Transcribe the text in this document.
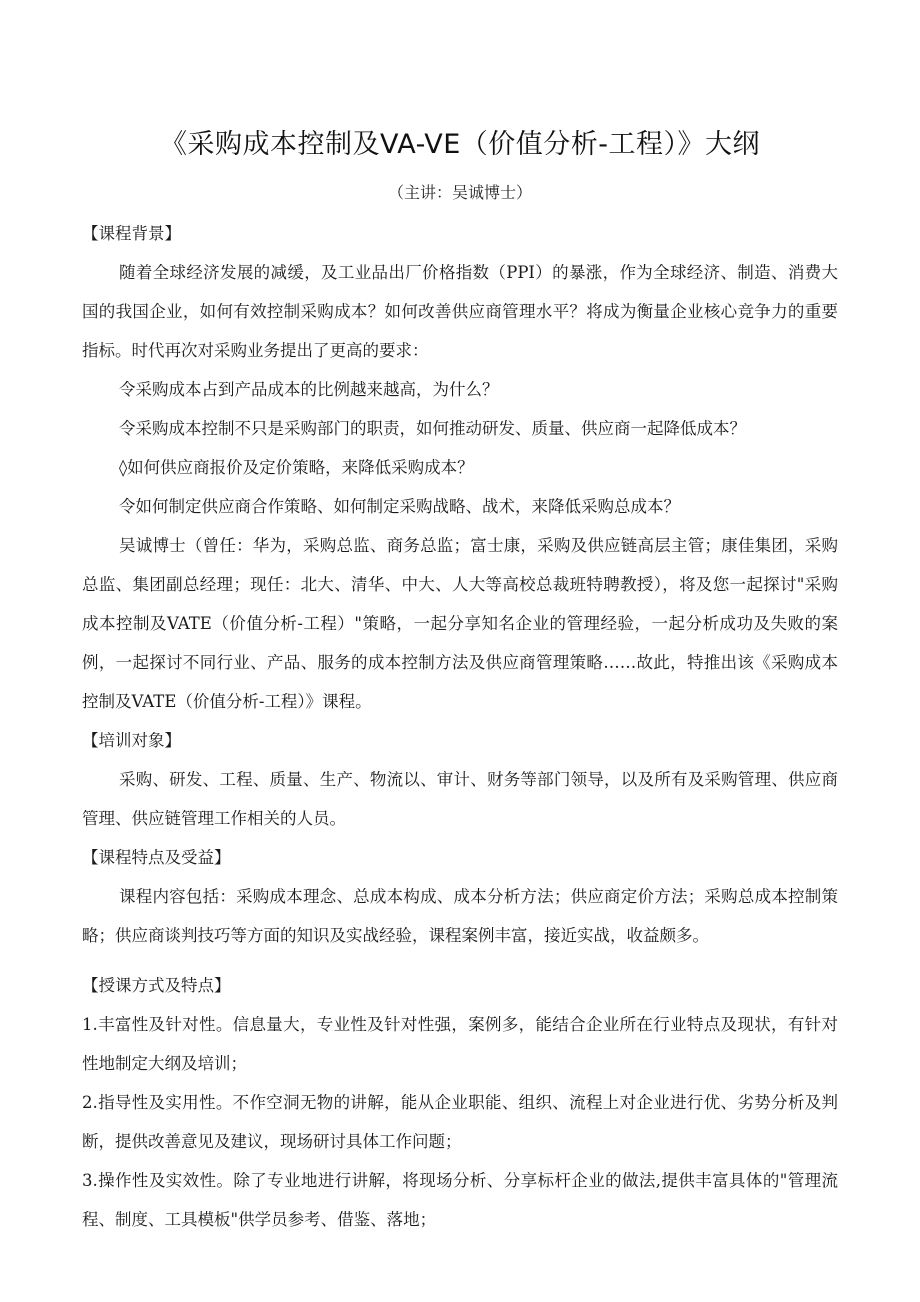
《采购成本控制及VA-VE（价值分析-工程）》大纲
（主讲：吴诚博士）
【课程背景】

随着全球经济发展的减缓，及工业品出厂价格指数（PPI）的暴涨，作为全球经济、制造、消费大国的我国企业，如何有效控制采购成本？如何改善供应商管理水平？将成为衡量企业核心竞争力的重要指标。时代再次对采购业务提出了更高的要求：

令采购成本占到产品成本的比例越来越高，为什么？

令采购成本控制不只是采购部门的职责，如何推动研发、质量、供应商一起降低成本？

◊如何供应商报价及定价策略，来降低采购成本？

令如何制定供应商合作策略、如何制定采购战略、战术，来降低采购总成本？

吴诚博士（曾任：华为，采购总监、商务总监；富士康，采购及供应链高层主管；康佳集团，采购总监、集团副总经理；现任：北大、清华、中大、人大等高校总裁班特聘教授），将及您一起探讨"采购成本控制及VATE（价值分析-工程）"策略，一起分享知名企业的管理经验，一起分析成功及失败的案例，一起探讨不同行业、产品、服务的成本控制方法及供应商管理策略……故此，特推出该《采购成本控制及VATE（价值分析-工程）》课程。

【培训对象】

采购、研发、工程、质量、生产、物流以、审计、财务等部门领导，以及所有及采购管理、供应商管理、供应链管理工作相关的人员。

【课程特点及受益】

课程内容包括：采购成本理念、总成本构成、成本分析方法；供应商定价方法；采购总成本控制策略；供应商谈判技巧等方面的知识及实战经验，课程案例丰富，接近实战，收益颇多。

【授课方式及特点】

1.丰富性及针对性。信息量大，专业性及针对性强，案例多，能结合企业所在行业特点及现状，有针对性地制定大纲及培训；

2.指导性及实用性。不作空洞无物的讲解，能从企业职能、组织、流程上对企业进行优、劣势分析及判断，提供改善意见及建议，现场研讨具体工作问题；

3.操作性及实效性。除了专业地进行讲解，将现场分析、分享标杆企业的做法,提供丰富具体的"管理流程、制度、工具模板"供学员参考、借鉴、落地；
